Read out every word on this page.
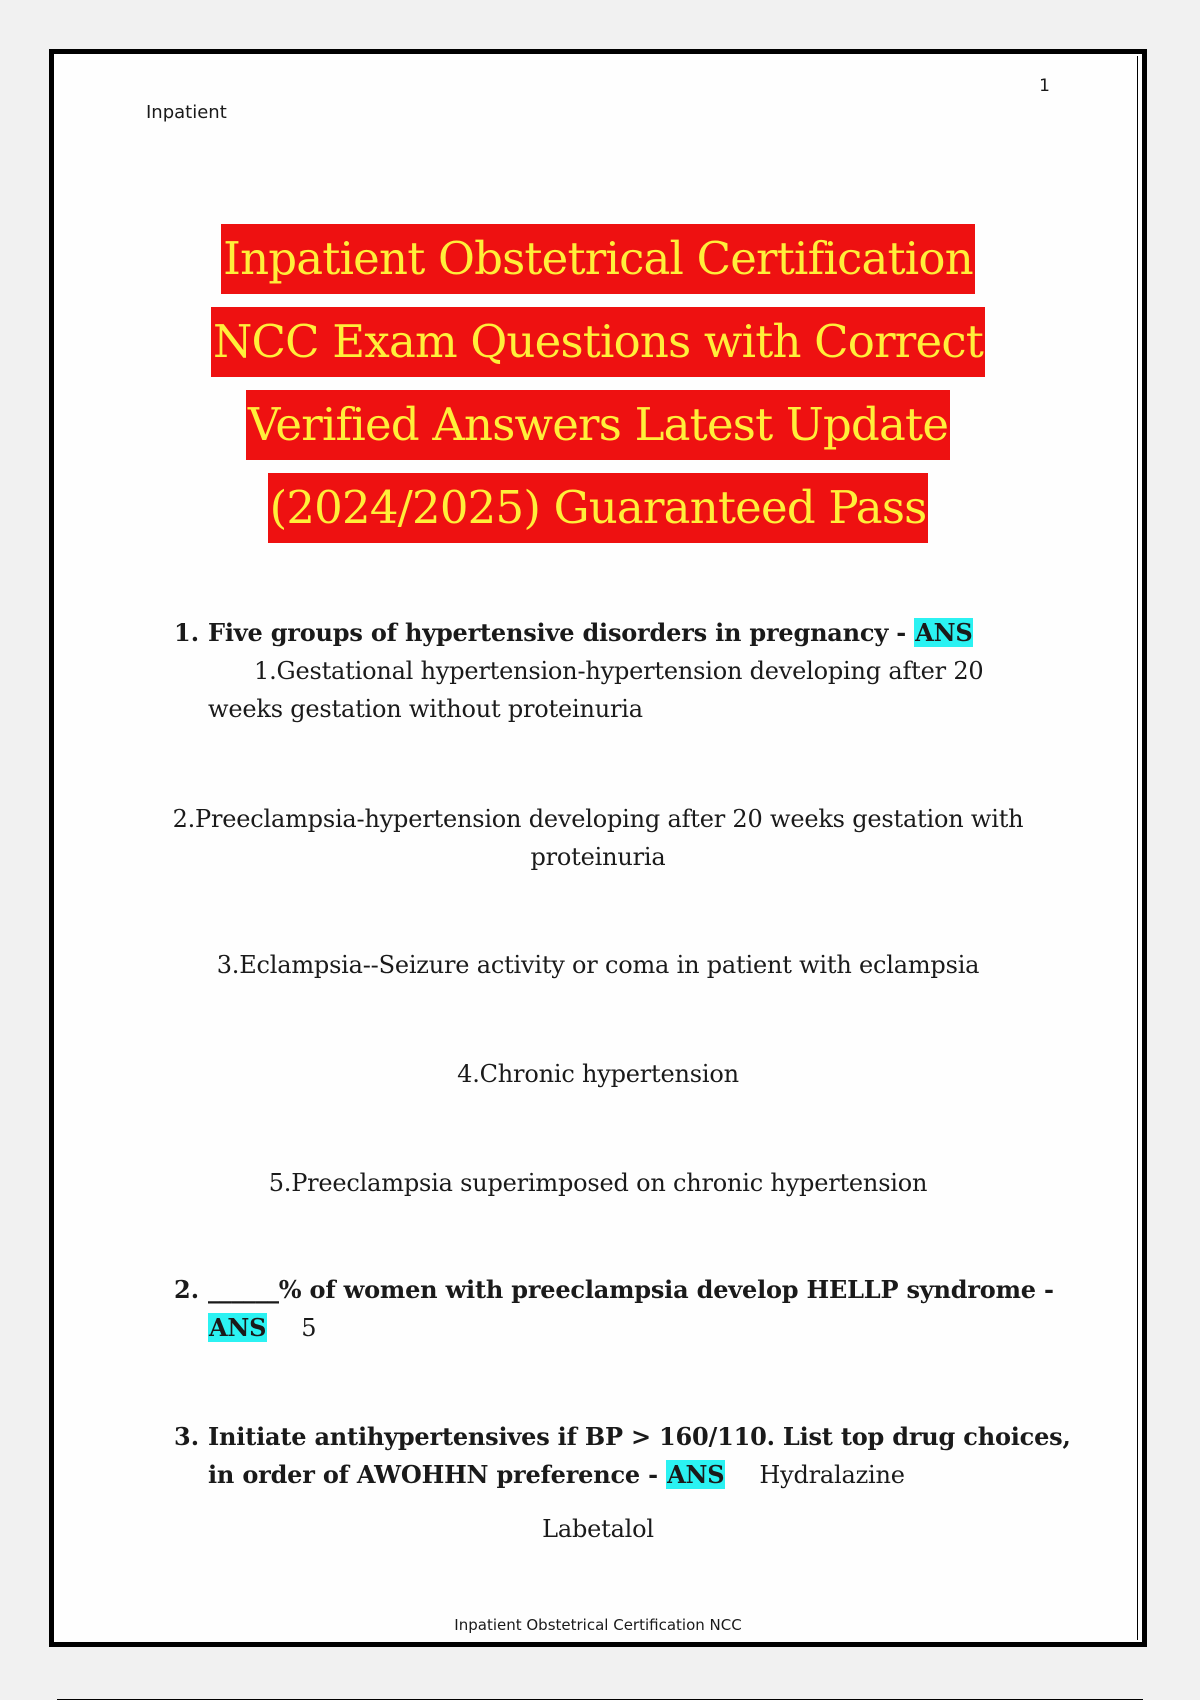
1
Inpatient
Inpatient Obstetrical Certification
NCC Exam Questions with Correct
Verified Answers Latest Update
(2024/2025) Guaranteed Pass
1. Five groups of hypertensive disorders in pregnancy - ANS
1.Gestational hypertension-hypertension developing after 20
weeks gestation without proteinuria
2.Preeclampsia-hypertension developing after 20 weeks gestation with
proteinuria
3.Eclampsia--Seizure activity or coma in patient with eclampsia
4.Chronic hypertension
5.Preeclampsia superimposed on chronic hypertension
2. ______% of women with preeclampsia develop HELLP syndrome -
ANS 5
3. Initiate antihypertensives if BP > 160/110. List top drug choices,
in order of AWOHHN preference - ANS Hydralazine
Labetalol
Inpatient Obstetrical Certification NCC
